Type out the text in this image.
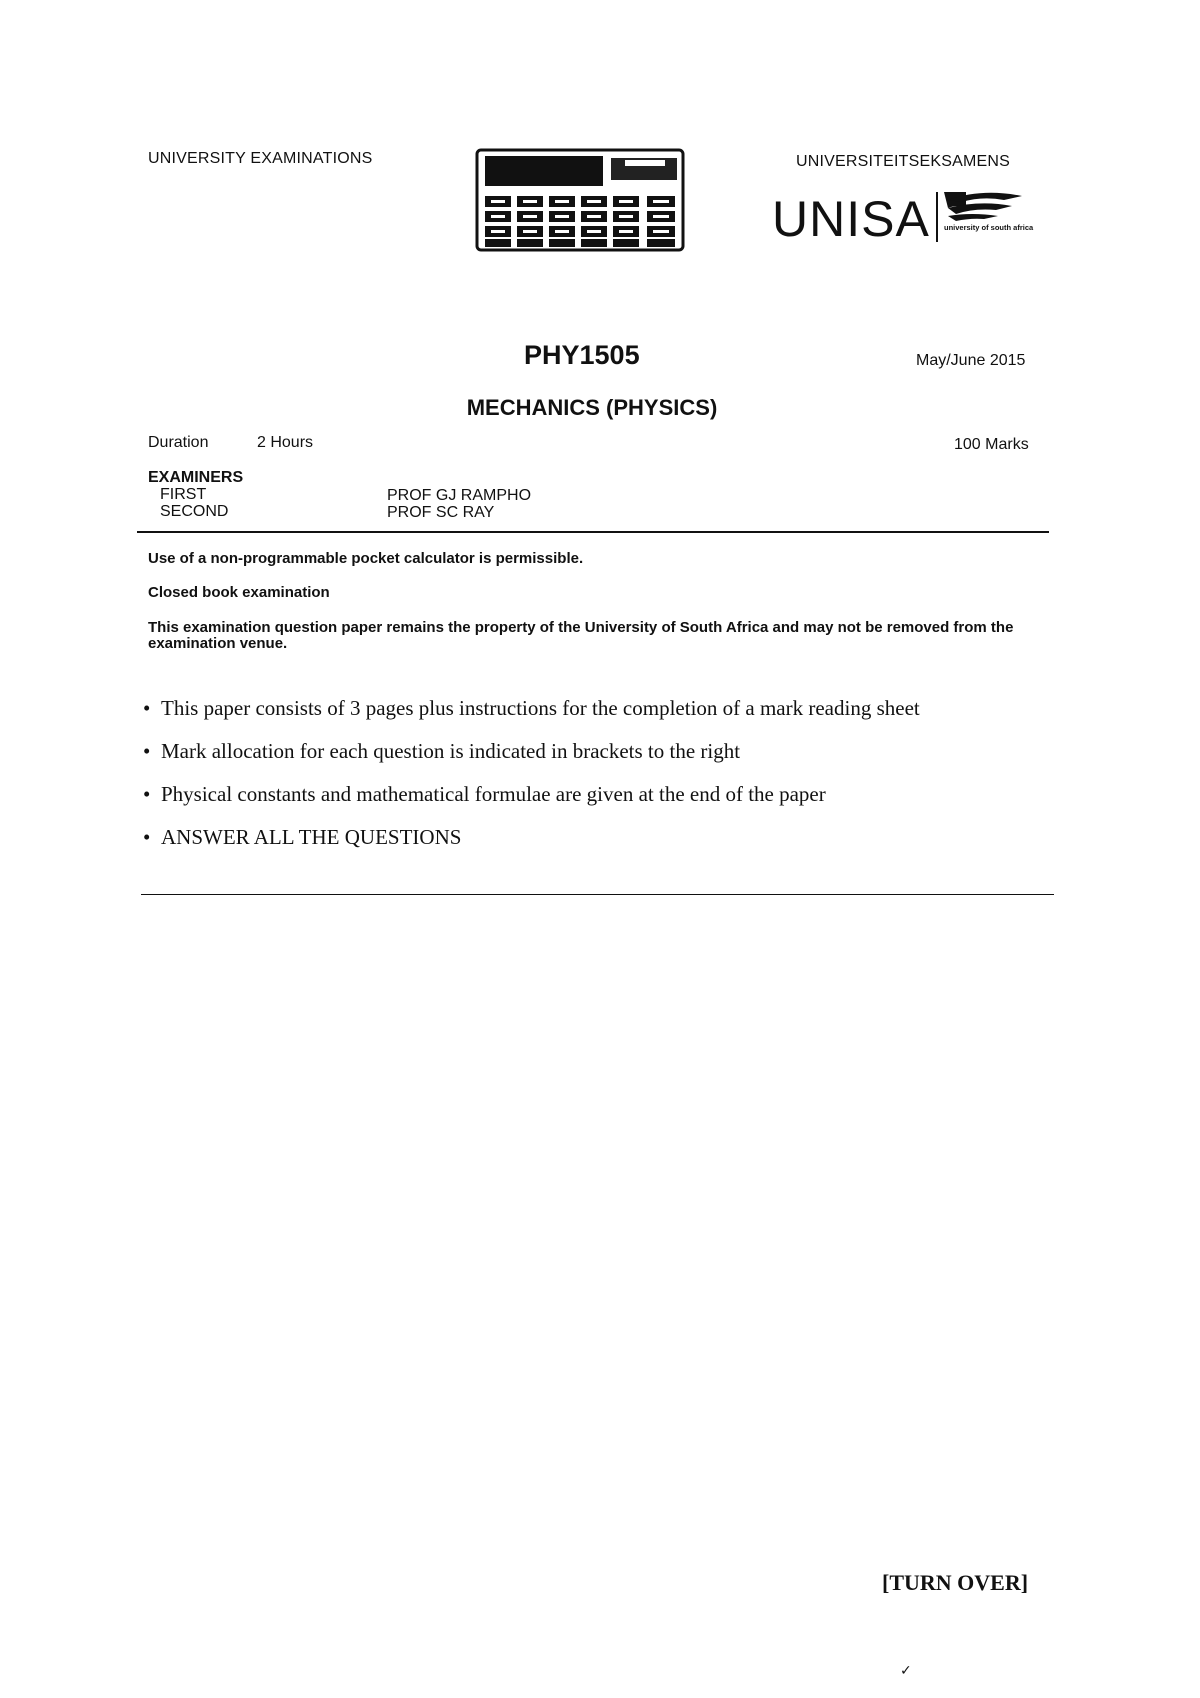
UNIVERSITY EXAMINATIONS	UNIVERSITEITSEKSAMENS
UNISA university of south africa
PHY1505	May/June 2015
MECHANICS (PHYSICS)
Duration	2 Hours	100 Marks
EXAMINERS
FIRST	PROF GJ RAMPHO
SECOND	PROF SC RAY
Use of a non-programmable pocket calculator is permissible.
Closed book examination
This examination question paper remains the property of the University of South Africa and may not be removed from the examination venue.
• This paper consists of 3 pages plus instructions for the completion of a mark reading sheet
• Mark allocation for each question is indicated in brackets to the right
• Physical constants and mathematical formulae are given at the end of the paper
• ANSWER ALL THE QUESTIONS
[TURN OVER]
✓
